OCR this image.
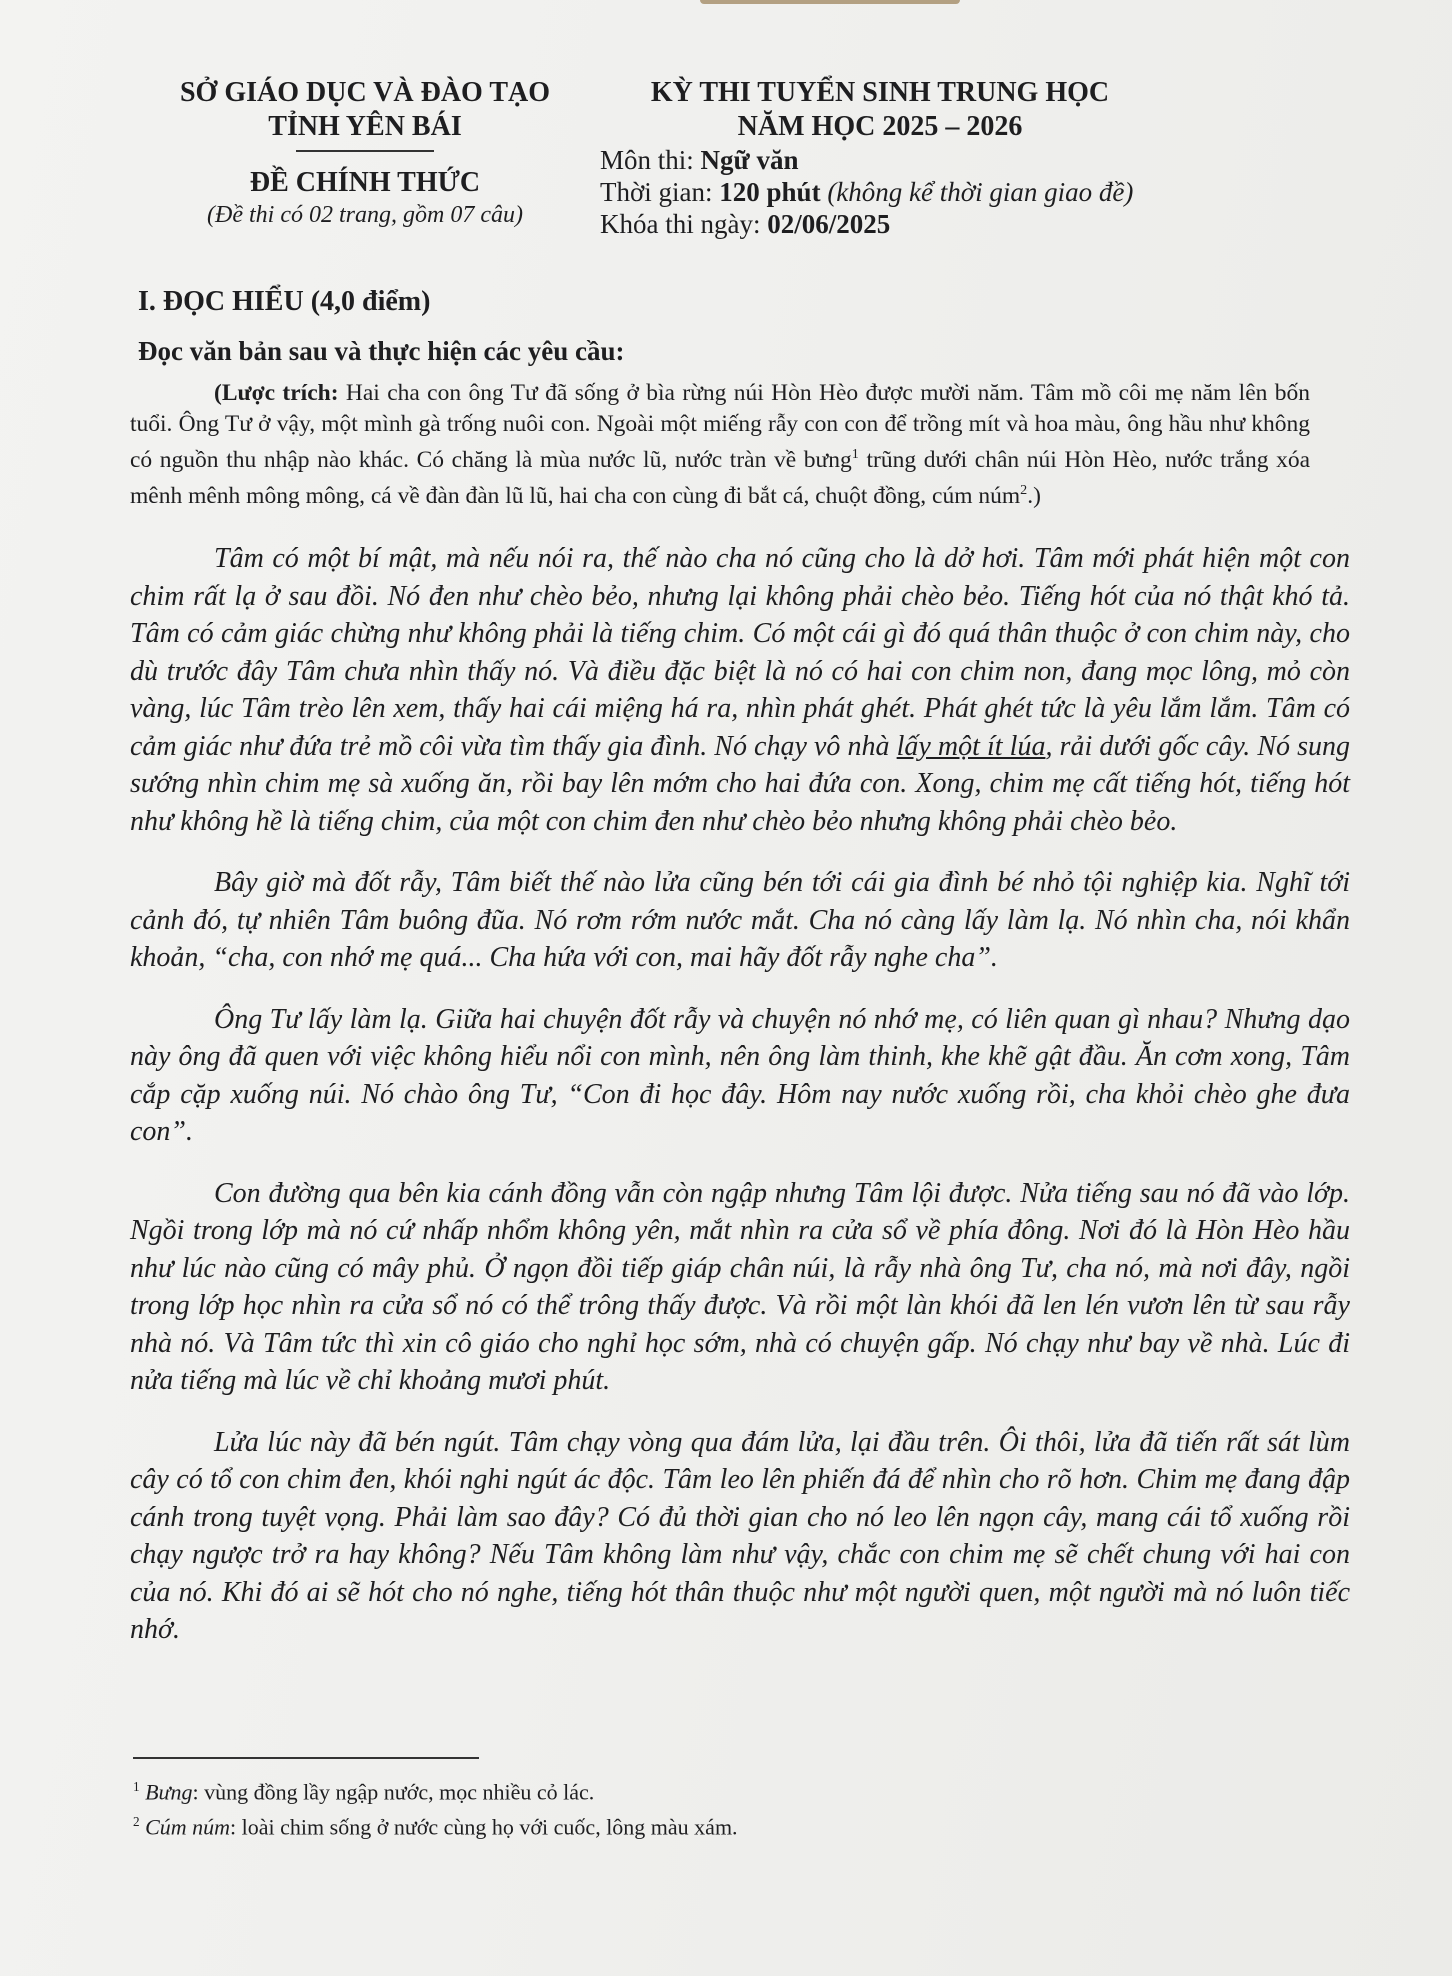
SỞ GIÁO DỤC VÀ ĐÀO TẠO
TỈNH YÊN BÁI
ĐỀ CHÍNH THỨC
(Đề thi có 02 trang, gồm 07 câu)
KỲ THI TUYỂN SINH TRUNG HỌC
NĂM HỌC 2025 – 2026
Môn thi: Ngữ văn
Thời gian: 120 phút (không kể thời gian giao đề)
Khóa thi ngày: 02/06/2025
I. ĐỌC HIỂU (4,0 điểm)
Đọc văn bản sau và thực hiện các yêu cầu:
(Lược trích: Hai cha con ông Tư đã sống ở bìa rừng núi Hòn Hèo được mười năm. Tâm mồ côi mẹ năm lên bốn tuổi. Ông Tư ở vậy, một mình gà trống nuôi con. Ngoài một miếng rẫy con con để trồng mít và hoa màu, ông hầu như không có nguồn thu nhập nào khác. Có chăng là mùa nước lũ, nước tràn về bưng$^1$ trũng dưới chân núi Hòn Hèo, nước trắng xóa mênh mênh mông mông, cá về đàn đàn lũ lũ, hai cha con cùng đi bắt cá, chuột đồng, cúm núm$^2$.)

Tâm có một bí mật, mà nếu nói ra, thế nào cha nó cũng cho là dở hơi. Tâm mới phát hiện một con chim rất lạ ở sau đồi. Nó đen như chèo bẻo, nhưng lại không phải chèo bẻo. Tiếng hót của nó thật khó tả. Tâm có cảm giác chừng như không phải là tiếng chim. Có một cái gì đó quá thân thuộc ở con chim này, cho dù trước đây Tâm chưa nhìn thấy nó. Và điều đặc biệt là nó có hai con chim non, đang mọc lông, mỏ còn vàng, lúc Tâm trèo lên xem, thấy hai cái miệng há ra, nhìn phát ghét. Phát ghét tức là yêu lắm lắm. Tâm có cảm giác như đứa trẻ mồ côi vừa tìm thấy gia đình. Nó chạy vô nhà lấy một ít lúa, rải dưới gốc cây. Nó sung sướng nhìn chim mẹ sà xuống ăn, rồi bay lên mớm cho hai đứa con. Xong, chim mẹ cất tiếng hót, tiếng hót như không hề là tiếng chim, của một con chim đen như chèo bẻo nhưng không phải chèo bẻo.

Bây giờ mà đốt rẫy, Tâm biết thế nào lửa cũng bén tới cái gia đình bé nhỏ tội nghiệp kia. Nghĩ tới cảnh đó, tự nhiên Tâm buông đũa. Nó rơm rớm nước mắt. Cha nó càng lấy làm lạ. Nó nhìn cha, nói khẩn khoản, “cha, con nhớ mẹ quá... Cha hứa với con, mai hãy đốt rẫy nghe cha”.

Ông Tư lấy làm lạ. Giữa hai chuyện đốt rẫy và chuyện nó nhớ mẹ, có liên quan gì nhau? Nhưng dạo này ông đã quen với việc không hiểu nổi con mình, nên ông làm thinh, khe khẽ gật đầu. Ăn cơm xong, Tâm cắp cặp xuống núi. Nó chào ông Tư, “Con đi học đây. Hôm nay nước xuống rồi, cha khỏi chèo ghe đưa con”.

Con đường qua bên kia cánh đồng vẫn còn ngập nhưng Tâm lội được. Nửa tiếng sau nó đã vào lớp. Ngồi trong lớp mà nó cứ nhấp nhổm không yên, mắt nhìn ra cửa sổ về phía đông. Nơi đó là Hòn Hèo hầu như lúc nào cũng có mây phủ. Ở ngọn đồi tiếp giáp chân núi, là rẫy nhà ông Tư, cha nó, mà nơi đây, ngồi trong lớp học nhìn ra cửa sổ nó có thể trông thấy được. Và rồi một làn khói đã len lén vươn lên từ sau rẫy nhà nó. Và Tâm tức thì xin cô giáo cho nghỉ học sớm, nhà có chuyện gấp. Nó chạy như bay về nhà. Lúc đi nửa tiếng mà lúc về chỉ khoảng mươi phút.

Lửa lúc này đã bén ngút. Tâm chạy vòng qua đám lửa, lại đầu trên. Ôi thôi, lửa đã tiến rất sát lùm cây có tổ con chim đen, khói nghi ngút ác độc. Tâm leo lên phiến đá để nhìn cho rõ hơn. Chim mẹ đang đập cánh trong tuyệt vọng. Phải làm sao đây? Có đủ thời gian cho nó leo lên ngọn cây, mang cái tổ xuống rồi chạy ngược trở ra hay không? Nếu Tâm không làm như vậy, chắc con chim mẹ sẽ chết chung với hai con của nó. Khi đó ai sẽ hót cho nó nghe, tiếng hót thân thuộc như một người quen, một người mà nó luôn tiếc nhớ.

$^1$ Bưng: vùng đồng lầy ngập nước, mọc nhiều cỏ lác.
$^2$ Cúm núm: loài chim sống ở nước cùng họ với cuốc, lông màu xám.
